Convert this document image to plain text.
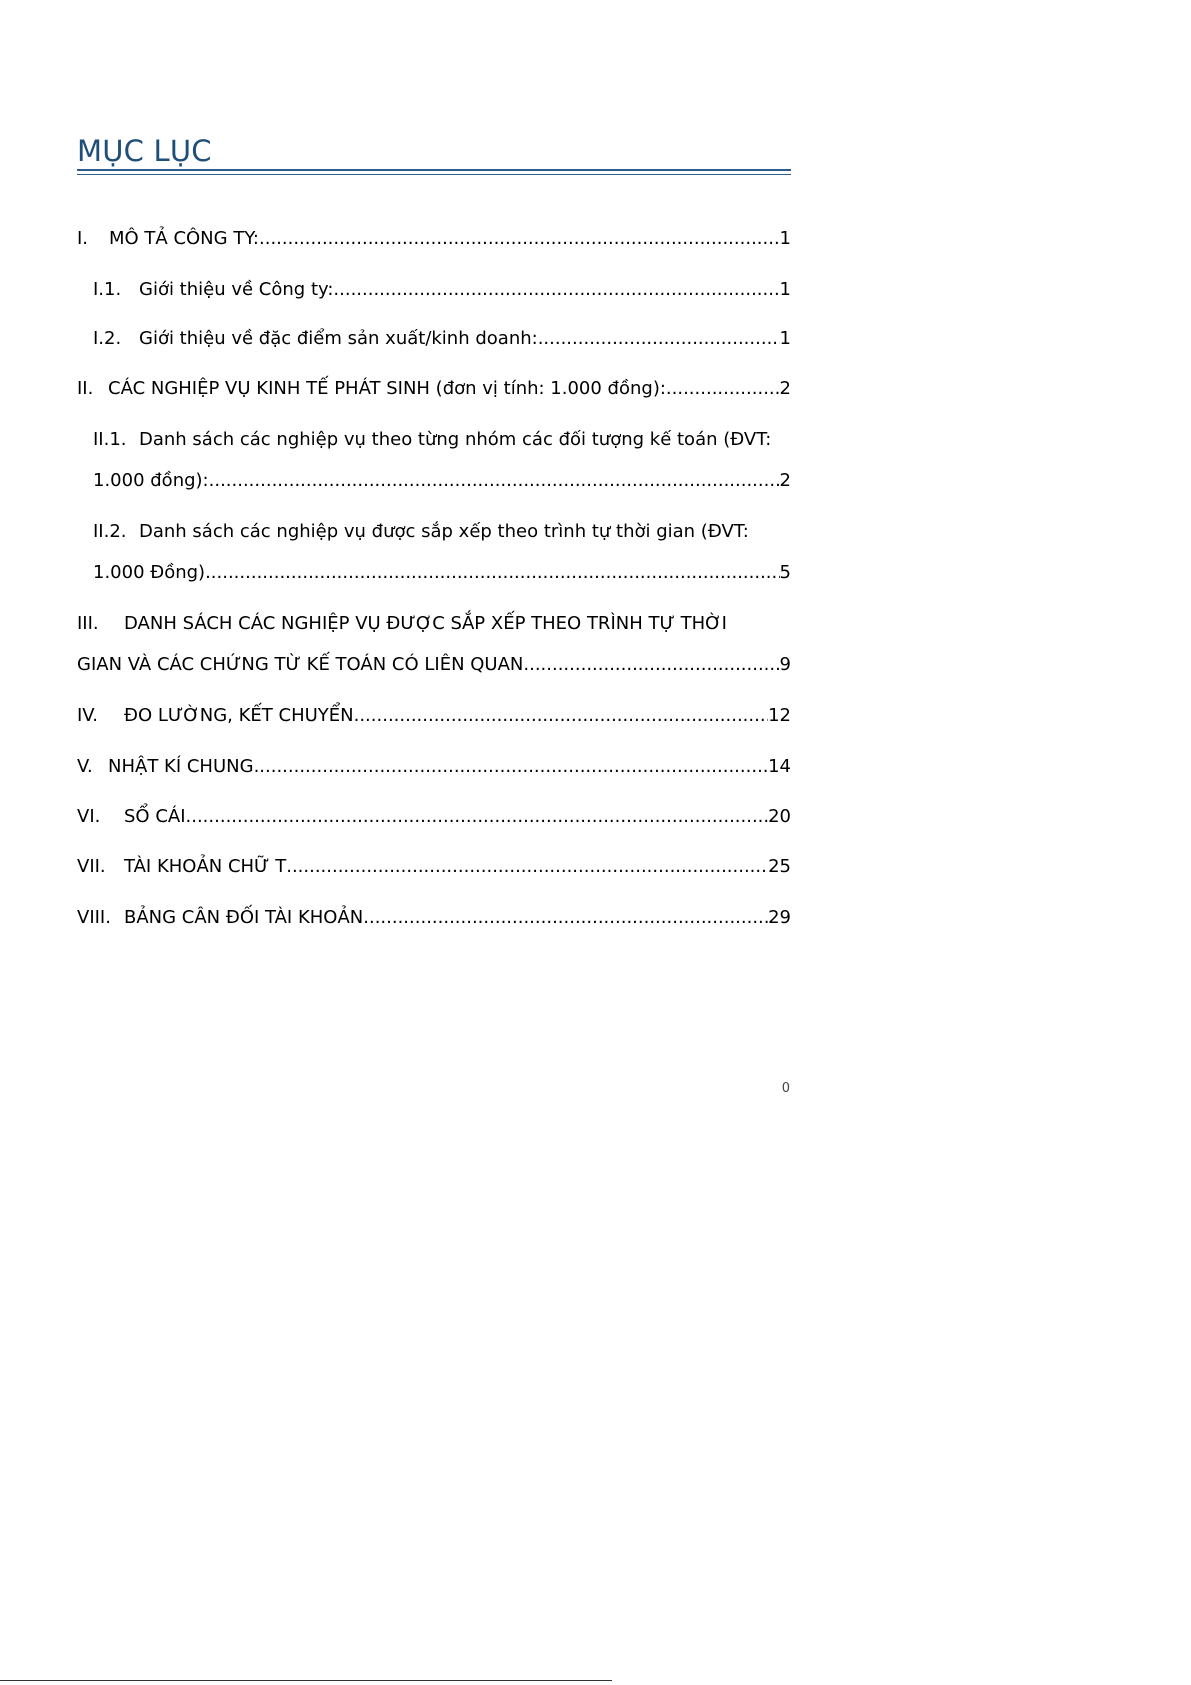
MỤC LỤC
I.	MÔ TẢ CÔNG TY: .....	1
I.1. Giới thiệu về Công ty: .....	1
I.2. Giới thiệu về đặc điểm sản xuất/kinh doanh: .....	1
II. CÁC NGHIỆP VỤ KINH TẾ PHÁT SINH (đơn vị tính: 1.000 đồng): .....	2
II.1. Danh sách các nghiệp vụ theo từng nhóm các đối tượng kế toán (ĐVT:
1.000 đồng): .....	2
II.2. Danh sách các nghiệp vụ được sắp xếp theo trình tự thời gian (ĐVT:
1.000 Đồng) .....	5
III.	DANH SÁCH CÁC NGHIỆP VỤ ĐƯỢC SẮP XẾP THEO TRÌNH TỰ THỜI
GIAN VÀ CÁC CHỨNG TỪ KẾ TOÁN CÓ LIÊN QUAN .....	9
IV.	ĐO LƯỜNG, KẾT CHUYỂN .....	12
V. NHẬT KÍ CHUNG .....	14
VI.	SỔ CÁI .....	20
VII.	TÀI KHOẢN CHỮ T .....	25
VIII. BẢNG CÂN ĐỐI TÀI KHOẢN .....	29
0
